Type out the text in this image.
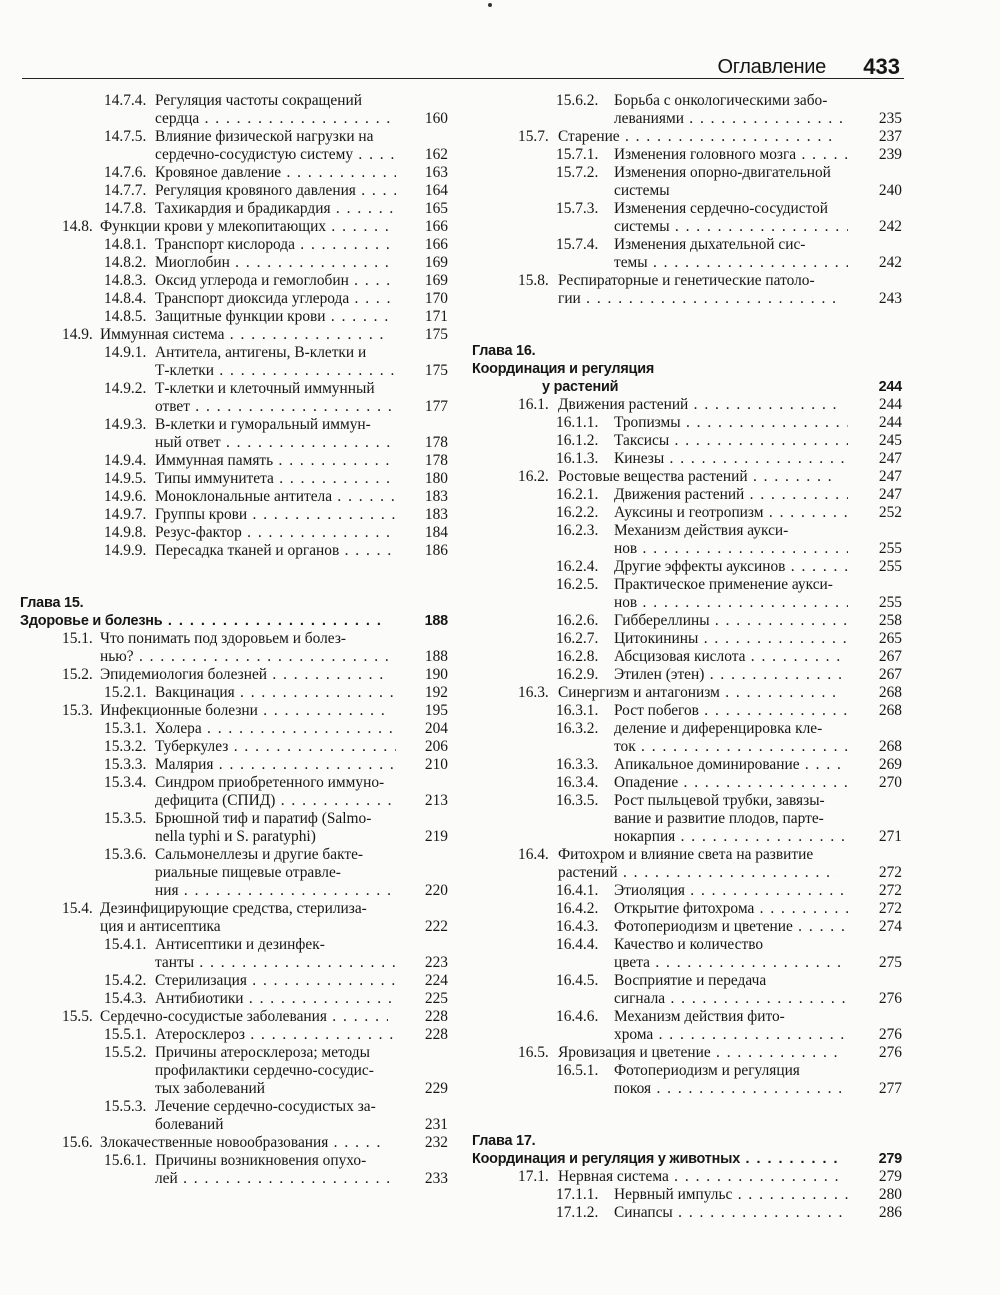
Оглавление 433
14.7.4. Регуляция частоты сокращений
сердца . . .	160
14.7.5. Влияние физической нагрузки на
сердечно-сосудистую систему . . .	162
14.7.6. Кровяное давление . . .	163
14.7.7. Регуляция кровяного давления . . .	164
14.7.8. Тахикардия и брадикардия . . .	165
14.8. Функции крови у млекопитающих . . .	166
14.8.1. Транспорт кислорода . . .	166
14.8.2. Миоглобин . . .	169
14.8.3. Оксид углерода и гемоглобин . . .	169
14.8.4. Транспорт диоксида углерода . . .	170
14.8.5. Защитные функции крови . . .	171
14.9. Иммунная система . . .	175
14.9.1. Антитела, антигены, В-клетки и
Т-клетки . . .	175
14.9.2. Т-клетки и клеточный иммунный
ответ . . .	177
14.9.3. В-клетки и гуморальный иммун-
ный ответ . . .	178
14.9.4. Иммунная память . . .	178
14.9.5. Типы иммунитета . . .	180
14.9.6. Моноклональные антитела . . .	183
14.9.7. Группы крови . . .	183
14.9.8. Резус-фактор . . .	184
14.9.9. Пересадка тканей и органов . . .	186
Глава 15.
Здоровье и болезнь . . .	188
15.1. Что понимать под здоровьем и болез-
нью? . . .	188
15.2. Эпидемиология болезней . . .	190
15.2.1. Вакцинация . . .	192
15.3. Инфекционные болезни . . .	195
15.3.1. Холера . . .	204
15.3.2. Туберкулез . . .	206
15.3.3. Малярия . . .	210
15.3.4. Синдром приобретенного иммуно-
дефицита (СПИД) . . .	213
15.3.5. Брюшной тиф и паратиф (Salmo-
nella typhi и S. paratyphi)	219
15.3.6. Сальмонеллезы и другие бакте-
риальные пищевые отравле-
ния . . .	220
15.4. Дезинфицирующие средства, стерилиза-
ция и антисептика	222
15.4.1. Антисептики и дезинфек-
танты . . .	223
15.4.2. Стерилизация . . .	224
15.4.3. Антибиотики . . .	225
15.5. Сердечно-сосудистые заболевания . . .	228
15.5.1. Атеросклероз . . .	228
15.5.2. Причины атеросклероза; методы
профилактики сердечно-сосудис-
тых заболеваний	229
15.5.3. Лечение сердечно-сосудистых за-
болеваний	231
15.6. Злокачественные новообразования . . .	232
15.6.1. Причины возникновения опухо-
лей . . .	233
15.6.2. Борьба с онкологическими забо-
леваниями . . .	235
15.7. Старение . . .	237
15.7.1. Изменения головного мозга . . .	239
15.7.2. Изменения опорно-двигательной
системы	240
15.7.3. Изменения сердечно-сосудистой
системы . . .	242
15.7.4. Изменения дыхательной сис-
темы . . .	242
15.8. Респираторные и генетические патоло-
гии . . .	243
Глава 16.
Координация и регуляция
у растений	244
16.1. Движения растений . . .	244
16.1.1. Тропизмы . . .	244
16.1.2. Таксисы . . .	245
16.1.3. Кинезы . . .	247
16.2. Ростовые вещества растений . . .	247
16.2.1. Движения растений . . .	247
16.2.2. Ауксины и геотропизм . . .	252
16.2.3. Механизм действия аукси-
нов . . .	255
16.2.4. Другие эффекты ауксинов . . .	255
16.2.5. Практическое применение аукси-
нов . . .	255
16.2.6. Гиббереллины . . .	258
16.2.7. Цитокинины . . .	265
16.2.8. Абсцизовая кислота . . .	267
16.2.9. Этилен (этен) . . .	267
16.3. Синергизм и антагонизм . . .	268
16.3.1. Рост побегов . . .	268
16.3.2. деление и диференцировка кле-
ток . . .	268
16.3.3. Апикальное доминирование . . .	269
16.3.4. Опадение . . .	270
16.3.5. Рост пыльцевой трубки, завязы-
вание и развитие плодов, парте-
нокарпия . . .	271
16.4. Фитохром и влияние света на развитие
растений . . .	272
16.4.1. Этиоляция . . .	272
16.4.2. Открытие фитохрома . . .	272
16.4.3. Фотопериодизм и цветение . . .	274
16.4.4. Качество и количество
цвета . . .	275
16.4.5. Восприятие и передача
сигнала . . .	276
16.4.6. Механизм действия фито-
хрома . . .	276
16.5. Яровизация и цветение . . .	276
16.5.1. Фотопериодизм и регуляция
покоя . . .	277
Глава 17.
Координация и регуляция у животных . . .	279
17.1. Нервная система . . .	279
17.1.1. Нервный импульс . . .	280
17.1.2. Синапсы . . .	286
